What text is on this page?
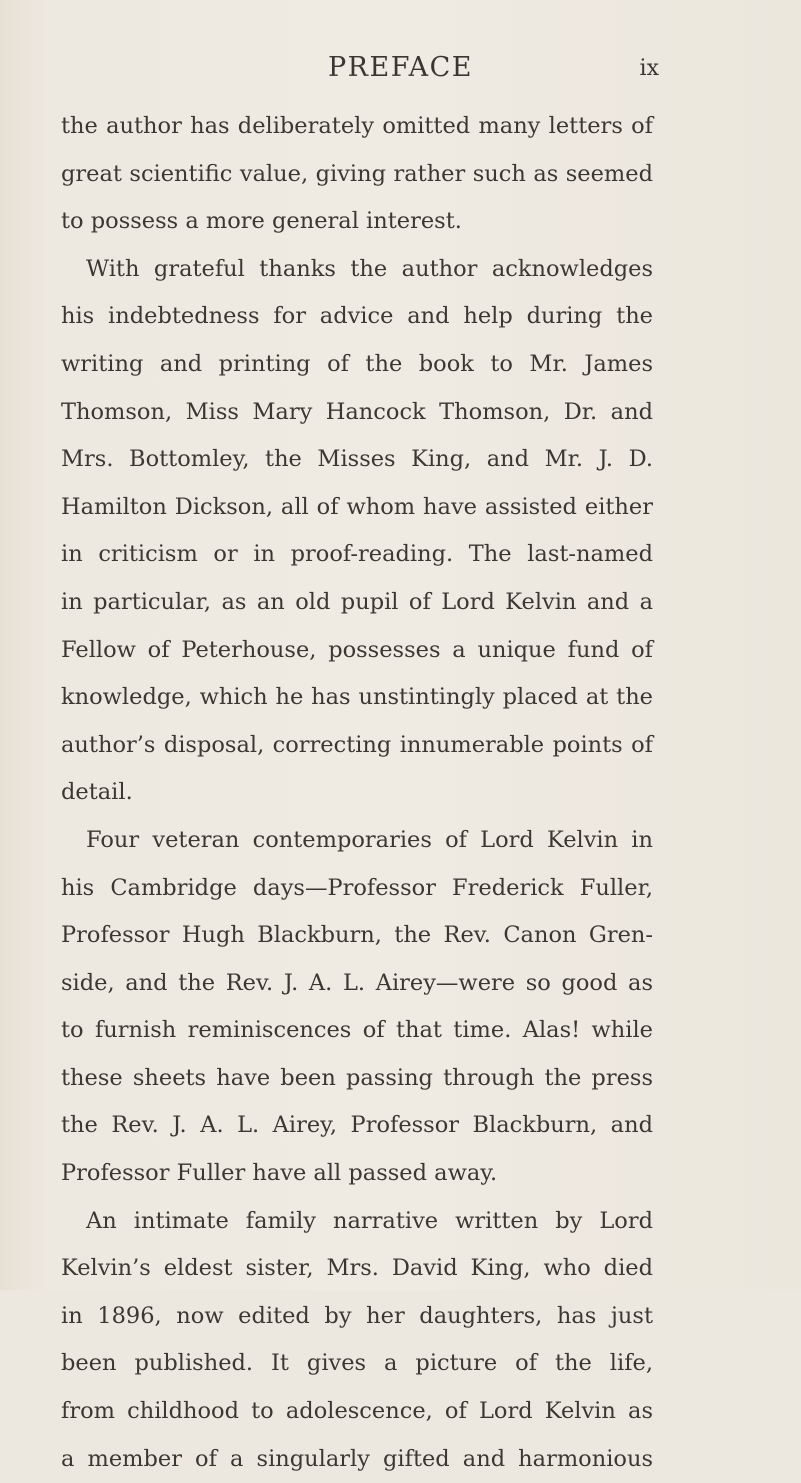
PREFACE	ix
the author has deliberately omitted many letters of
great scientific value, giving rather such as seemed
to possess a more general interest.
With grateful thanks the author acknowledges
his indebtedness for advice and help during the
writing and printing of the book to Mr. James
Thomson, Miss Mary Hancock Thomson, Dr. and
Mrs. Bottomley, the Misses King, and Mr. J. D.
Hamilton Dickson, all of whom have assisted either
in criticism or in proof-reading. The last-named
in particular, as an old pupil of Lord Kelvin and a
Fellow of Peterhouse, possesses a unique fund of
knowledge, which he has unstintingly placed at the
author’s disposal, correcting innumerable points of
detail.
Four veteran contemporaries of Lord Kelvin in
his Cambridge days—Professor Frederick Fuller,
Professor Hugh Blackburn, the Rev. Canon Gren-
side, and the Rev. J. A. L. Airey—were so good as
to furnish reminiscences of that time. Alas! while
these sheets have been passing through the press
the Rev. J. A. L. Airey, Professor Blackburn, and
Professor Fuller have all passed away.
An intimate family narrative written by Lord
Kelvin’s eldest sister, Mrs. David King, who died
in 1896, now edited by her daughters, has just
been published. It gives a picture of the life,
from childhood to adolescence, of Lord Kelvin as
a member of a singularly gifted and harmonious
